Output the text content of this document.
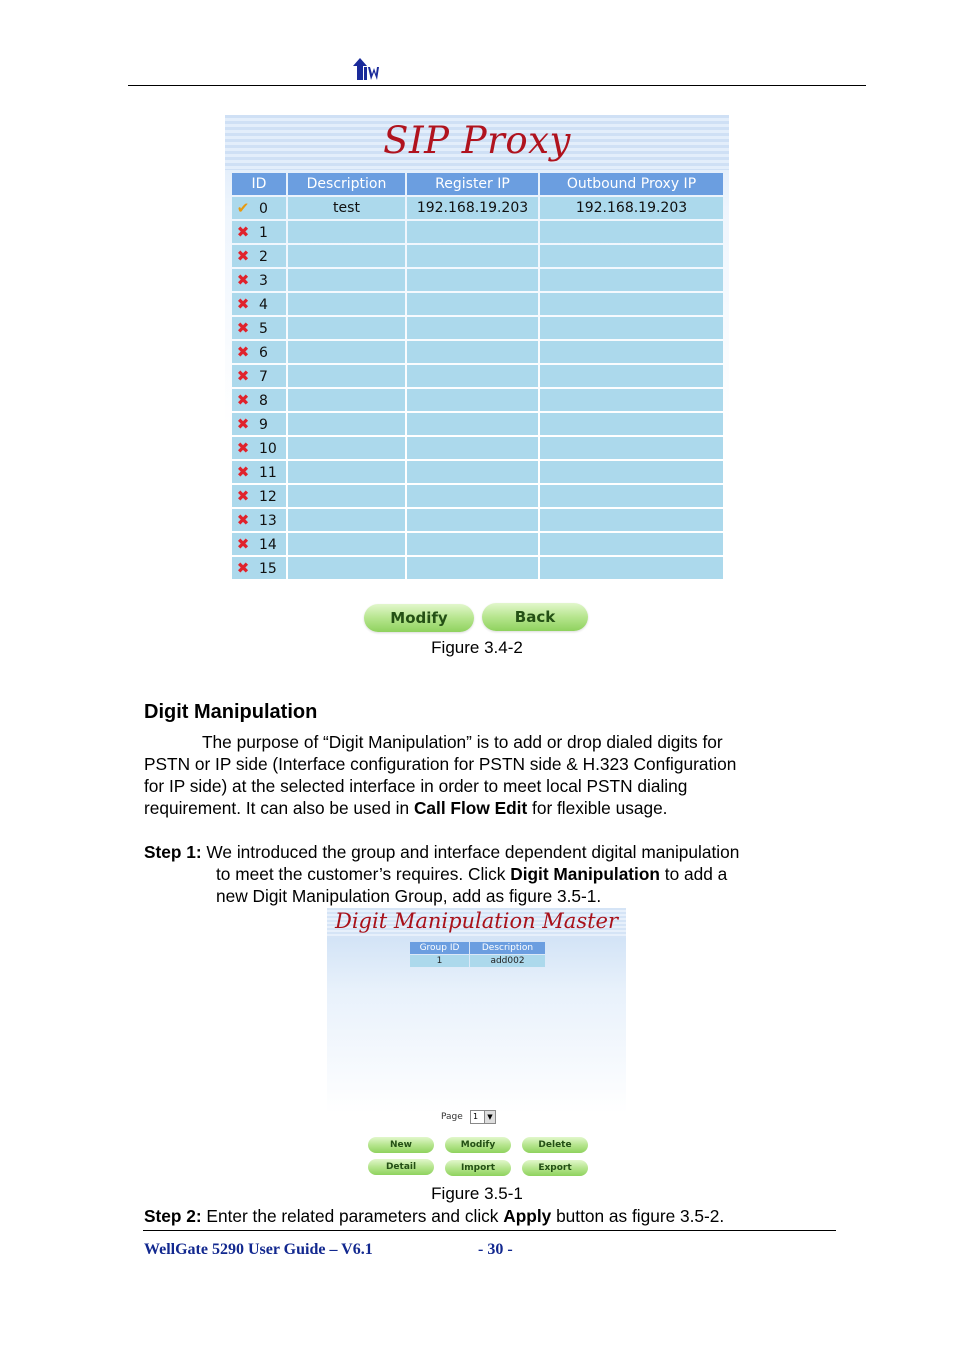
SIP Proxy
ID	Description	Register IP	Outbound Proxy IP
✔ 0	test	192.168.19.203	192.168.19.203
✖ 1			
✖ 2			
✖ 3			
✖ 4			
✖ 5			
✖ 6			
✖ 7			
✖ 8			
✖ 9			
✖ 10			
✖ 11			
✖ 12			
✖ 13			
✖ 14			
✖ 15			
Modify	Back
Figure 3.4-2
Digit Manipulation
The purpose of “Digit Manipulation” is to add or drop dialed digits for
PSTN or IP side (Interface configuration for PSTN side & H.323 Configuration
for IP side) at the selected interface in order to meet local PSTN dialing
requirement. It can also be used in Call Flow Edit for flexible usage.
Step 1: We introduced the group and interface dependent digital manipulation
to meet the customer’s requires. Click Digit Manipulation to add a
new Digit Manipulation Group, add as figure 3.5-1.
Digit Manipulation Master
Group ID	Description
1	add002
Page 1	▼
New	Modify	Delete
Detail	Import	Export
Figure 3.5-1
Step 2: Enter the related parameters and click Apply button as figure 3.5-2.
WellGate 5290 User Guide – V6.1	- 30 -
